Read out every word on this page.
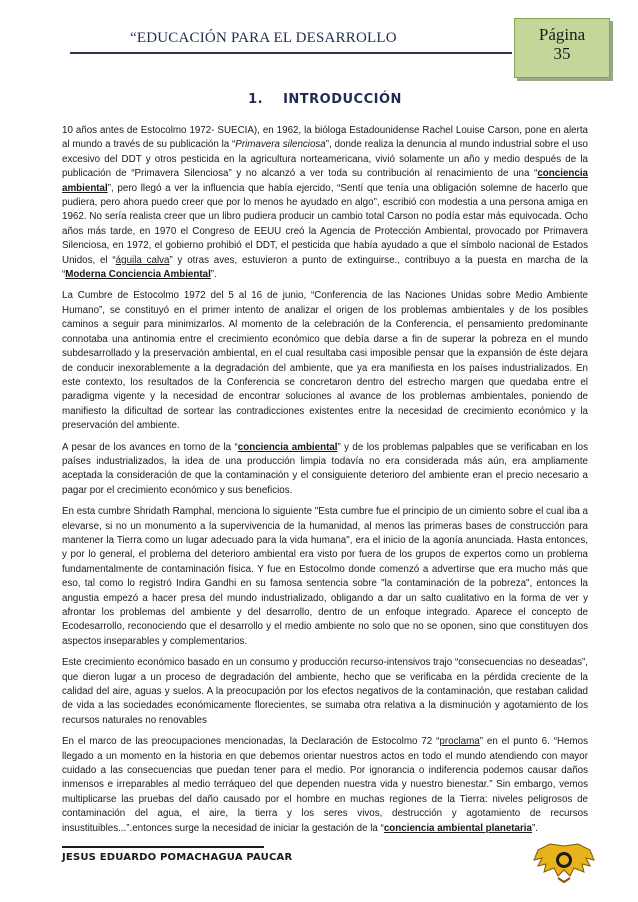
“EDUCACIÓN PARA EL DESARROLLO	Página
35
1. INTRODUCCIÓN

10 años antes de Estocolmo 1972- SUECIA), en 1962, la bióloga Estadounidense Rachel Louise Carson, pone en alerta al mundo a través de su publicación la “Primavera silenciosa”, donde realiza la denuncia al mundo industrial sobre el uso excesivo del DDT y otros pesticida en la agricultura norteamericana, vivió solamente un año y medio después de la publicación de “Primavera Silenciosa” y no alcanzó a ver toda su contribución al renacimiento de una “conciencia ambiental”, pero llegó a ver la influencia que había ejercido, “Sentí que tenía una obligación solemne de hacerlo que pudiera, pero ahora puedo creer que por lo menos he ayudado en algo”, escribió con modestia a una persona amiga en 1962. No sería realista creer que un libro pudiera producir un cambio total Carson no podía estar más equivocada. Ocho años más tarde, en 1970 el Congreso de EEUU creó la Agencia de Protección Ambiental, provocado por Primavera Silenciosa, en 1972, el gobierno prohibió el DDT, el pesticida que había ayudado a que el símbolo nacional de Estados Unidos, el “águila calva” y otras aves, estuvieron a punto de extinguirse., contribuyo a la puesta en marcha de la “Moderna Conciencia Ambiental”.

La Cumbre de Estocolmo 1972 del 5 al 16 de junio, “Conferencia de las Naciones Unidas sobre Medio Ambiente Humano”, se constituyó en el primer intento de analizar el origen de los problemas ambientales y de los posibles caminos a seguir para minimizarlos. Al momento de la celebración de la Conferencia, el pensamiento predominante connotaba una antinomia entre el crecimiento económico que debía darse a fin de superar la pobreza en el mundo subdesarrollado y la preservación ambiental, en el cual resultaba casi imposible pensar que la expansión de éste dejara de conducir inexorablemente a la degradación del ambiente, que ya era manifiesta en los países industrializados. En este contexto, los resultados de la Conferencia se concretaron dentro del estrecho margen que quedaba entre el paradigma vigente y la necesidad de encontrar soluciones al avance de los problemas ambientales, poniendo de manifiesto la dificultad de sortear las contradicciones existentes entre la necesidad de crecimiento económico y la preservación del ambiente.

A pesar de los avances en torno de la “conciencia ambiental” y de los problemas palpables que se verificaban en los países industrializados, la idea de una producción limpia todavía no era considerada más aún, era ampliamente aceptada la consideración de que la contaminación y el consiguiente deterioro del ambiente eran el precio necesario a pagar por el crecimiento económico y sus beneficios.

En esta cumbre Shridath Ramphal, menciona lo siguiente "Esta cumbre fue el principio de un cimiento sobre el cual iba a elevarse, si no un monumento a la supervivencia de la humanidad, al menos las primeras bases de construcción para mantener la Tierra como un lugar adecuado para la vida humana", era el inicio de la agonía anunciada. Hasta entonces, y por lo general, el problema del deterioro ambiental era visto por fuera de los grupos de expertos como un problema fundamentalmente de contaminación física. Y fue en Estocolmo donde comenzó a advertirse que era mucho más que eso, tal como lo registró Indira Gandhi en su famosa sentencia sobre "la contaminación de la pobreza", entonces la angustia empezó a hacer presa del mundo industrializado, obligando a dar un salto cualitativo en la forma de ver y afrontar los problemas del ambiente y del desarrollo, dentro de un enfoque integrado. Aparece el concepto de Ecodesarrollo, reconociendo que el desarrollo y el medio ambiente no solo que no se oponen, sino que constituyen dos aspectos inseparables y complementarios.

Este crecimiento económico basado en un consumo y producción recurso-intensivos trajo “consecuencias no deseadas”, que dieron lugar a un proceso de degradación del ambiente, hecho que se verificaba en la pérdida creciente de la calidad del aire, aguas y suelos. A la preocupación por los efectos negativos de la contaminación, que restaban calidad de vida a las sociedades económicamente florecientes, se sumaba otra relativa a la disminución y agotamiento de los recursos naturales no renovables

En el marco de las preocupaciones mencionadas, la Declaración de Estocolmo 72 “proclama” en el punto 6. “Hemos llegado a un momento en la historia en que debemos orientar nuestros actos en todo el mundo atendiendo con mayor cuidado a las consecuencias que puedan tener para el medio. Por ignorancia o indiferencia podemos causar daños inmensos e irreparables al medio terráqueo del que dependen nuestra vida y nuestro bienestar.” Sin embargo, vemos multiplicarse las pruebas del daño causado por el hombre en muchas regiones de la Tierra: niveles peligrosos de contaminación del agua, el aire, la tierra y los seres vivos, destrucción y agotamiento de recursos insustituibles...”.entonces surge la necesidad de iniciar la gestación de la “conciencia ambiental planetaria”.

JESUS EDUARDO POMACHAGUA PAUCAR
